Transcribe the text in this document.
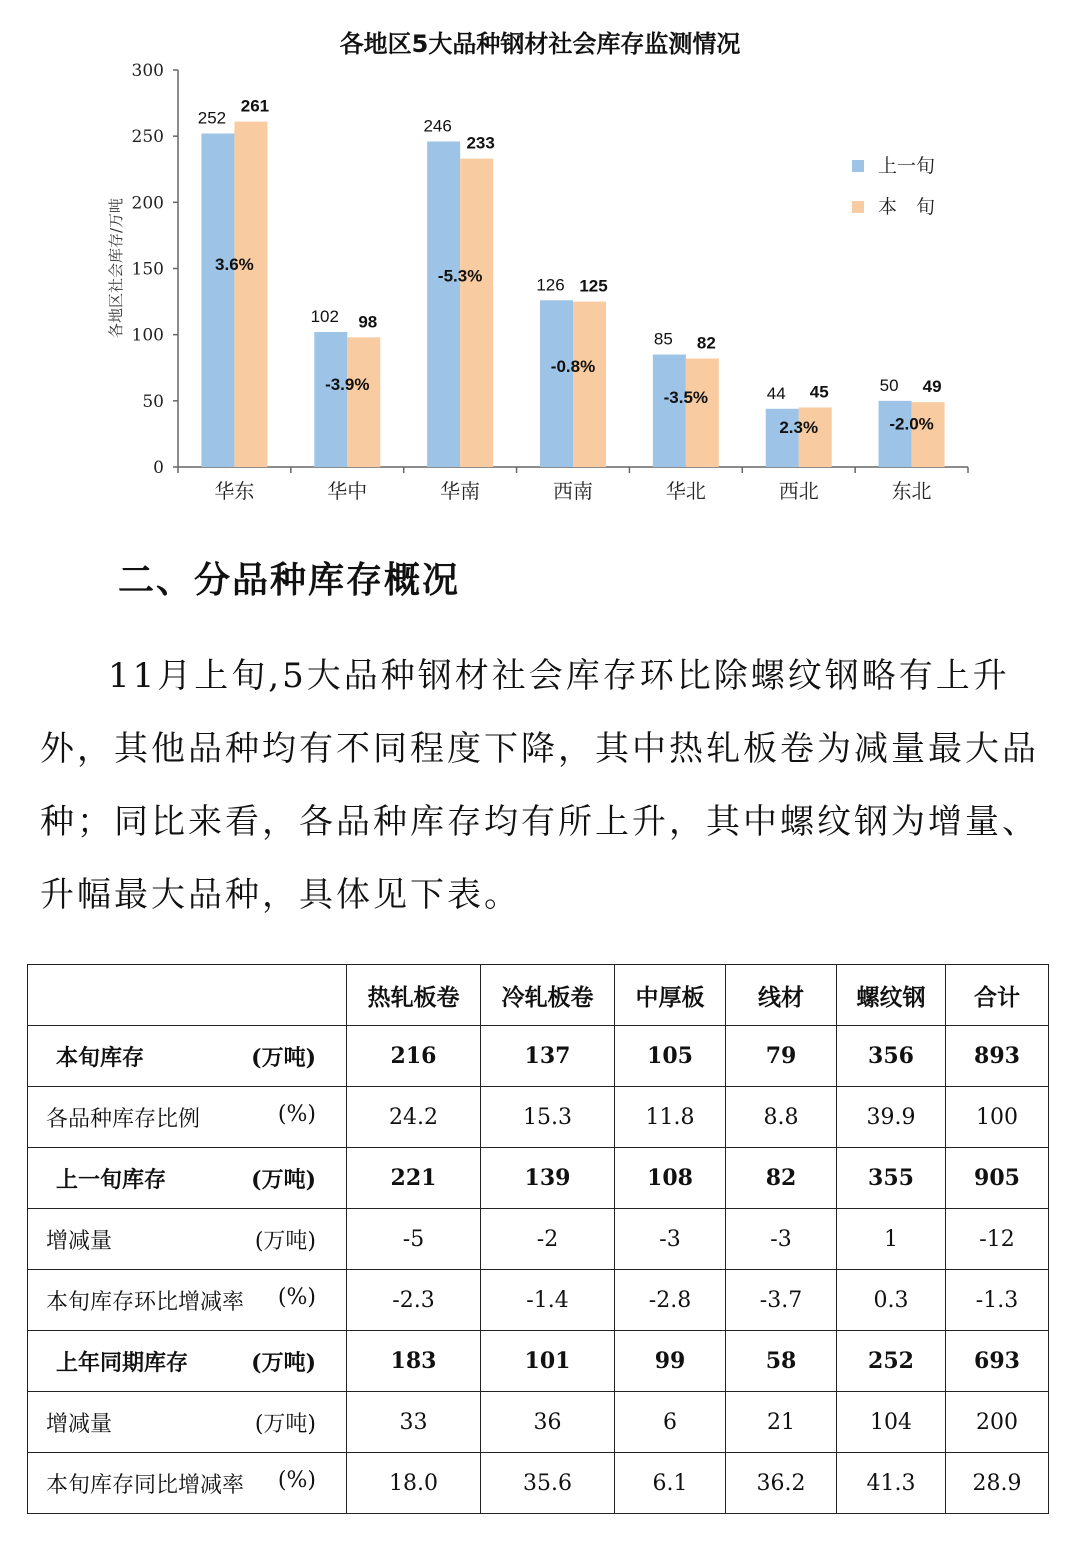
各地区5大品种钢材社会库存监测情况
0
50
100
150
200
250
300
各地区社会库存/万吨
252
261
3.6%
华东
102 98
-3.9%
华中
246
233
-5.3%
华南
126 125
-0.8%
西南
85 82
-3.5%
华北
44 45
2.3%
西北
50 49
-2.0%
东北
上一旬
本　旬
二、分品种库存概况

11月上旬,5大品种钢材社会库存环比除螺纹钢略有上升外，其他品种均有不同程度下降，其中热轧板卷为减量最大品种；同比来看，各品种库存均有所上升，其中螺纹钢为增量、升幅最大品种，具体见下表。

	热轧板卷	冷轧板卷	中厚板	线材	螺纹钢	合计

本旬库存 (万吨)	216	137	105	79	356	893

各品种库存比例 (%)	24.2	15.3	11.8	8.8	39.9	100

上一旬库存 (万吨)	221	139	108	82	355	905

增减量 (万吨)	-5	-2	-3	-3	1	-12

本旬库存环比增减率 (%)	-2.3	-1.4	-2.8	-3.7	0.3	-1.3

上年同期库存 (万吨)	183	101	99	58	252	693

增减量 (万吨)	33	36	6	21	104	200

本旬库存同比增减率 (%)	18.0	35.6	6.1	36.2	41.3	28.9
